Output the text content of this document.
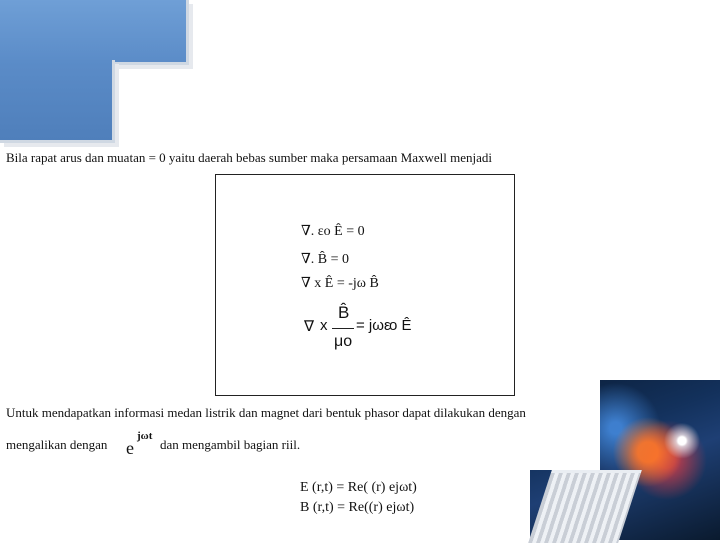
Bila rapat arus dan muatan = 0 yaitu daerah bebas sumber maka persamaan Maxwell menjadi
∇. εo Ê = 0
∇. B̂ = 0
∇ x Ê = -jω B̂
∇ x
B̂
μo
= jωε
o Ê
Untuk mendapatkan informasi medan listrik dan magnet dari bentuk phasor dapat dilakukan dengan
mengalikan dengan e
jωt
dan mengambil bagian riil.
E (r,t) = Re( (r) ejωt)
B (r,t) = Re((r) ejωt)
